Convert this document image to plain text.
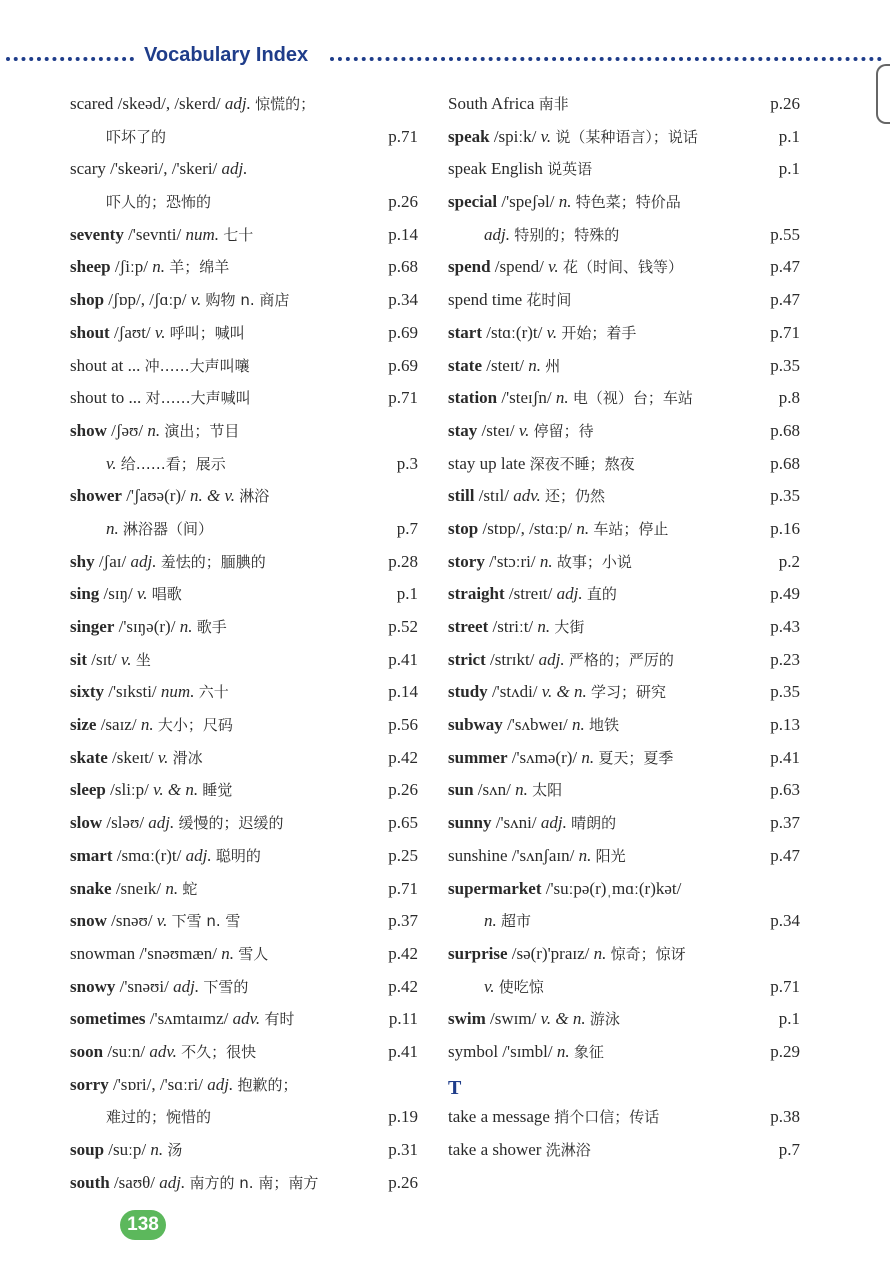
Vocabulary Index
scared /skeəd/, /skerd/ adj. 惊慌的；
吓坏了的	p.71
scary /'skeəri/, /'skeri/ adj.
吓人的；恐怖的	p.26
seventy /'sevnti/ num. 七十	p.14
sheep /ʃiːp/ n. 羊；绵羊	p.68
shop /ʃɒp/, /ʃɑːp/ v. 购物 n. 商店	p.34
shout /ʃaʊt/ v. 呼叫；喊叫	p.69
shout at ... 冲……大声叫嚷	p.69
shout to ... 对……大声喊叫	p.71
show /ʃəʊ/ n. 演出；节目
v. 给……看；展示	p.3
shower /'ʃaʊə(r)/ n. & v. 淋浴
n. 淋浴器（间）	p.7
shy /ʃaɪ/ adj. 羞怯的；腼腆的	p.28
sing /sɪŋ/ v. 唱歌	p.1
singer /'sɪŋə(r)/ n. 歌手	p.52
sit /sɪt/ v. 坐	p.41
sixty /'sɪksti/ num. 六十	p.14
size /saɪz/ n. 大小；尺码	p.56
skate /skeɪt/ v. 滑冰	p.42
sleep /sliːp/ v. & n. 睡觉	p.26
slow /sləʊ/ adj. 缓慢的；迟缓的	p.65
smart /smɑː(r)t/ adj. 聪明的	p.25
snake /sneɪk/ n. 蛇	p.71
snow /snəʊ/ v. 下雪 n. 雪	p.37
snowman /'snəʊmæn/ n. 雪人	p.42
snowy /'snəʊi/ adj. 下雪的	p.42
sometimes /'sʌmtaɪmz/ adv. 有时	p.11
soon /suːn/ adv. 不久；很快	p.41
sorry /'sɒri/, /'sɑːri/ adj. 抱歉的；
难过的；惋惜的	p.19
soup /suːp/ n. 汤	p.31
south /saʊθ/ adj. 南方的 n. 南；南方	p.26
South Africa 南非	p.26
speak /spiːk/ v. 说（某种语言）；说话	p.1
speak English 说英语	p.1
special /'speʃəl/ n. 特色菜；特价品
adj. 特别的；特殊的	p.55
spend /spend/ v. 花（时间、钱等）	p.47
spend time 花时间	p.47
start /stɑː(r)t/ v. 开始；着手	p.71
state /steɪt/ n. 州	p.35
station /'steɪʃn/ n. 电（视）台；车站	p.8
stay /steɪ/ v. 停留；待	p.68
stay up late 深夜不睡；熬夜	p.68
still /stɪl/ adv. 还；仍然	p.35
stop /stɒp/, /stɑːp/ n. 车站；停止	p.16
story /'stɔːri/ n. 故事；小说	p.2
straight /streɪt/ adj. 直的	p.49
street /striːt/ n. 大街	p.43
strict /strɪkt/ adj. 严格的；严厉的	p.23
study /'stʌdi/ v. & n. 学习；研究	p.35
subway /'sʌbweɪ/ n. 地铁	p.13
summer /'sʌmə(r)/ n. 夏天；夏季	p.41
sun /sʌn/ n. 太阳	p.63
sunny /'sʌni/ adj. 晴朗的	p.37
sunshine /'sʌnʃaɪn/ n. 阳光	p.47
supermarket /'suːpə(r)ˌmɑː(r)kət/
n. 超市	p.34
surprise /sə(r)'praɪz/ n. 惊奇；惊讶
v. 使吃惊	p.71
swim /swɪm/ v. & n. 游泳	p.1
symbol /'sɪmbl/ n. 象征	p.29
T
take a message 捎个口信；传话	p.38
take a shower 洗淋浴	p.7
138
